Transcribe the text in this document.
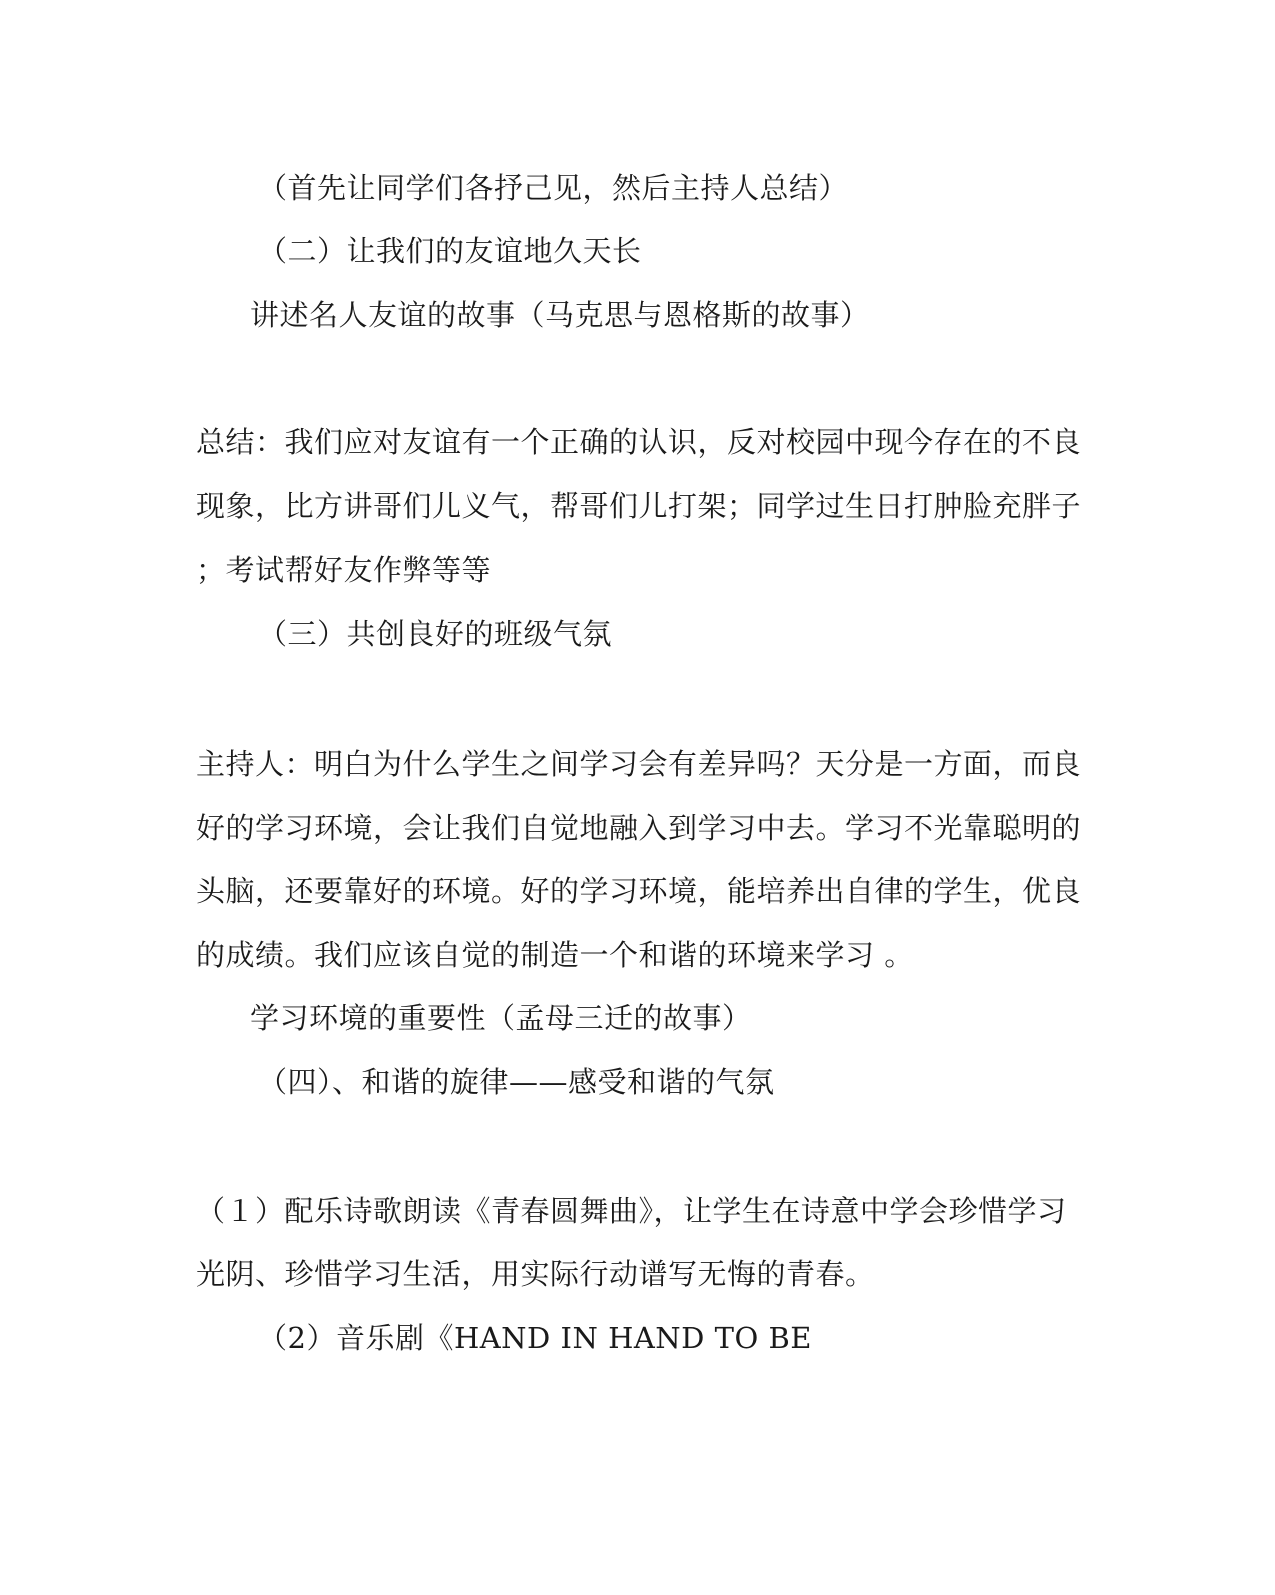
（首先让同学们各抒己见，然后主持人总结）
（二）让我们的友谊地久天长
讲述名人友谊的故事（马克思与恩格斯的故事）
总结：我们应对友谊有一个正确的认识，反对校园中现今存在的不良
现象，比方讲哥们儿义气，帮哥们儿打架；同学过生日打肿脸充胖子
；考试帮好友作弊等等
（三）共创良好的班级气氛
主持人：明白为什么学生之间学习会有差异吗？天分是一方面，而良
好的学习环境，会让我们自觉地融入到学习中去。学习不光靠聪明的
头脑，还要靠好的环境。好的学习环境，能培养出自律的学生，优良
的成绩。我们应该自觉的制造一个和谐的环境来学习 。
学习环境的重要性（孟母三迁的故事）
（四）、和谐的旋律——感受和谐的气氛
（１）配乐诗歌朗读《青春圆舞曲》，让学生在诗意中学会珍惜学习
光阴、珍惜学习生活，用实际行动谱写无悔的青春。
（2）音乐剧《HAND IN HAND TO BE
